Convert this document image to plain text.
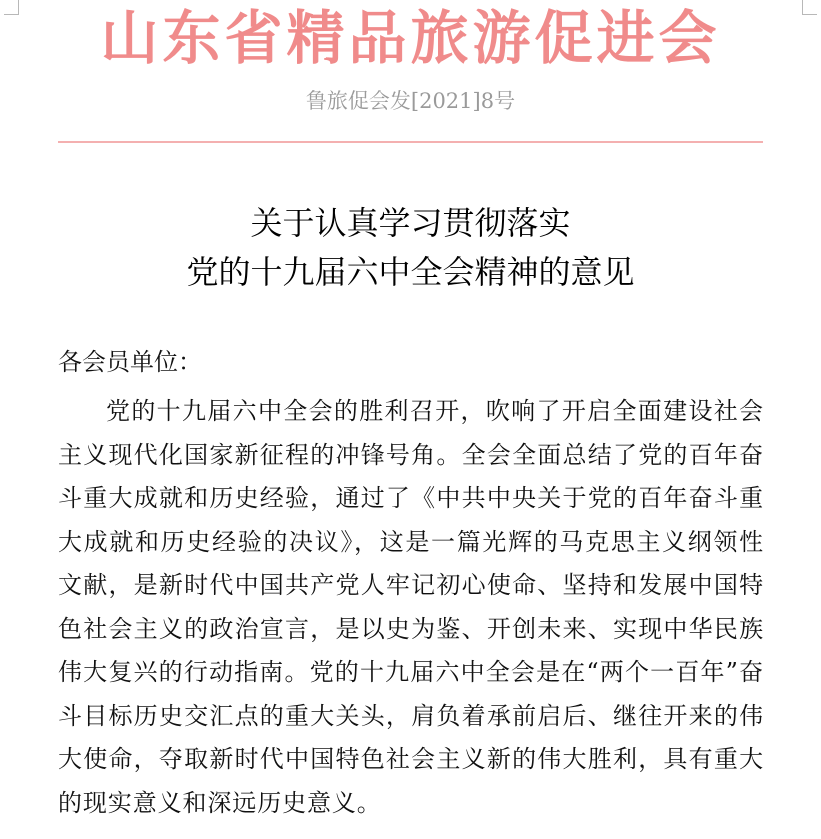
山东省精品旅游促进会
鲁旅促会发[2021]8号
关于认真学习贯彻落实
党的十九届六中全会精神的意见
各会员单位：

党的十九届六中全会的胜利召开，吹响了开启全面建设社会主义现代化国家新征程的冲锋号角。全会全面总结了党的百年奋斗重大成就和历史经验，通过了《中共中央关于党的百年奋斗重大成就和历史经验的决议》，这是一篇光辉的马克思主义纲领性文献，是新时代中国共产党人牢记初心使命、坚持和发展中国特色社会主义的政治宣言，是以史为鉴、开创未来、实现中华民族伟大复兴的行动指南。党的十九届六中全会是在“两个一百年”奋斗目标历史交汇点的重大关头，肩负着承前启后、继往开来的伟大使命，夺取新时代中国特色社会主义新的伟大胜利，具有重大的现实意义和深远历史意义。
